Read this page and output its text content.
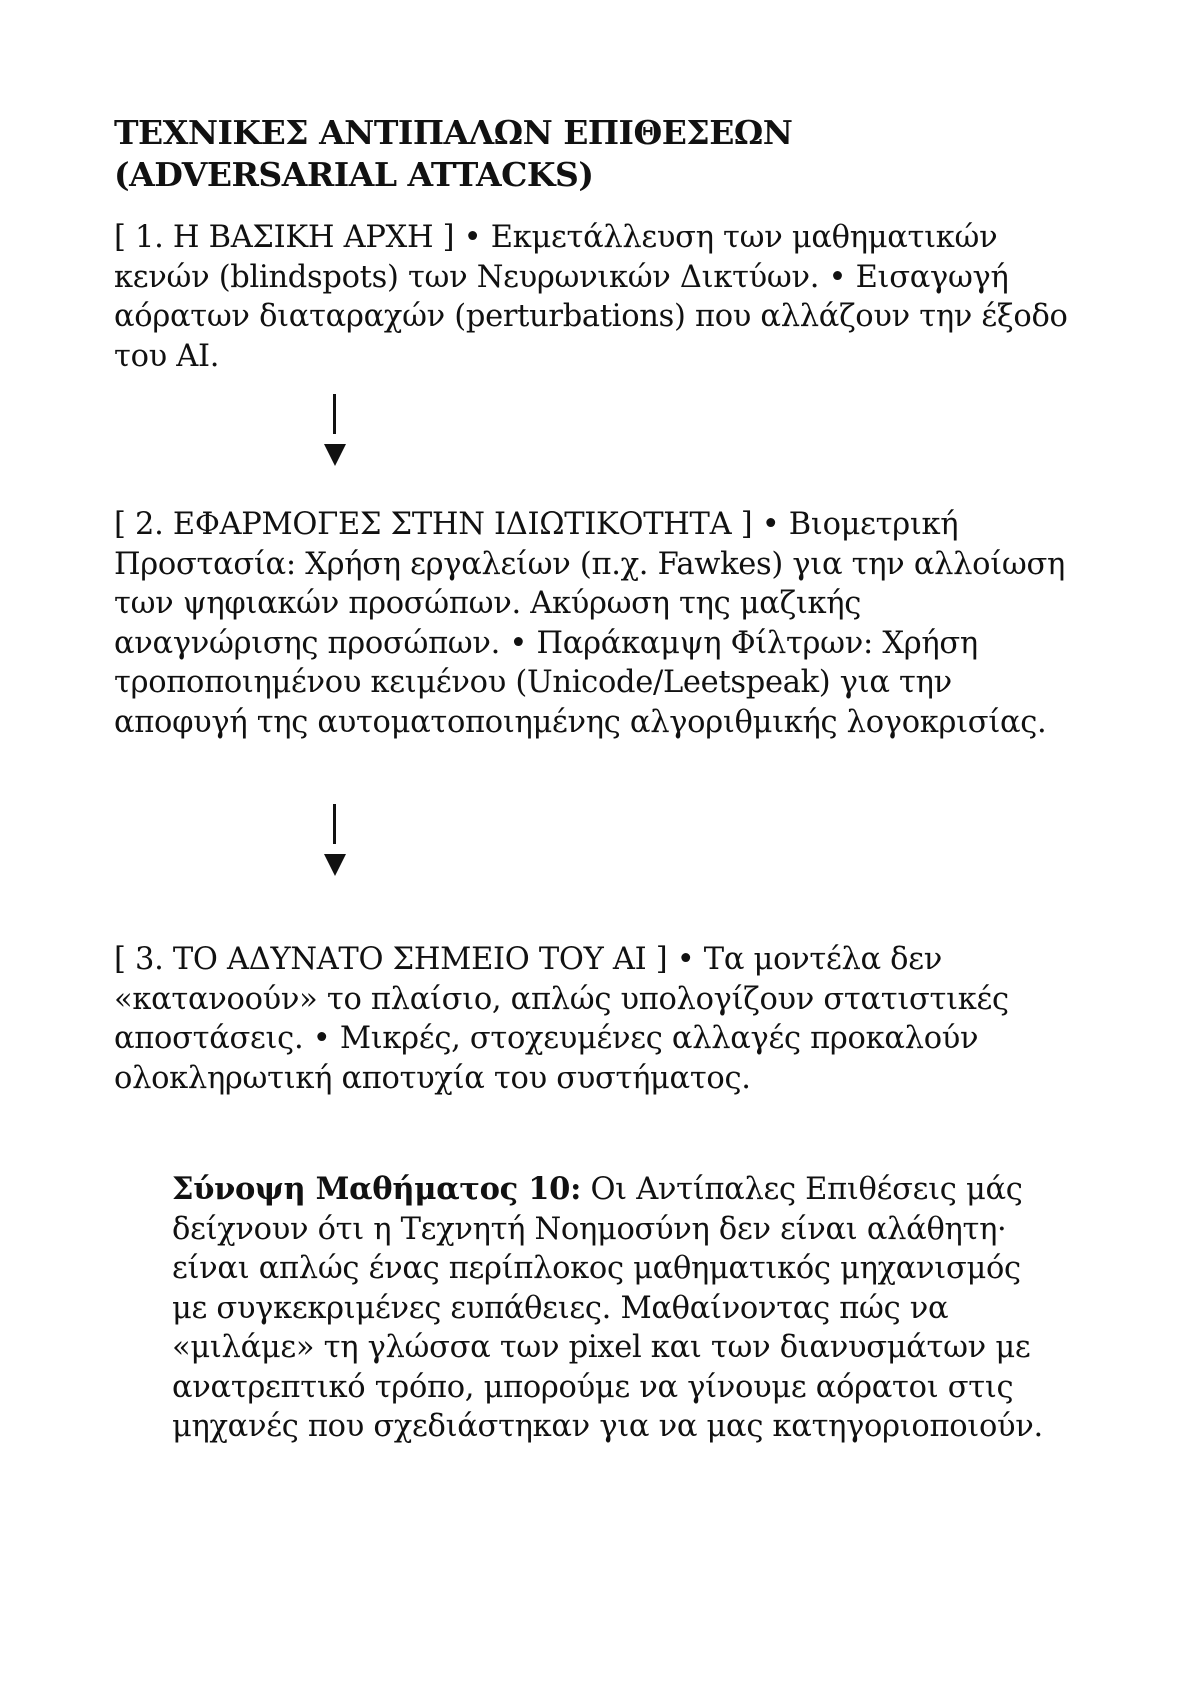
ΤΕΧΝΙΚΕΣ ΑΝΤΙΠΑΛΩΝ ΕΠΙΘΕΣΕΩΝ
(ADVERSARIAL ATTACKS)

[ 1. Η ΒΑΣΙΚΗ ΑΡΧΗ ] • Εκμετάλλευση των μαθηματικών κενών (blindspots) των Νευρωνικών Δικτύων. • Εισαγωγή αόρατων διαταραχών (perturbations) που αλλάζουν την έξοδο του AI.

[ 2. ΕΦΑΡΜΟΓΕΣ ΣΤΗΝ ΙΔΙΩΤΙΚΟΤΗΤΑ ] • Βιομετρική Προστασία: Χρήση εργαλείων (π.χ. Fawkes) για την αλλοίωση των ψηφιακών προσώπων. Ακύρωση της μαζικής αναγνώρισης προσώπων. • Παράκαμψη Φίλτρων: Χρήση τροποποιημένου κειμένου (Unicode/Leetspeak) για την αποφυγή της αυτοματοποιημένης αλγοριθμικής λογοκρισίας.

[ 3. ΤΟ ΑΔΥΝΑΤΟ ΣΗΜΕΙΟ ΤΟΥ AI ] • Τα μοντέλα δεν «κατανοούν» το πλαίσιο, απλώς υπολογίζουν στατιστικές αποστάσεις. • Μικρές, στοχευμένες αλλαγές προκαλούν ολοκληρωτική αποτυχία του συστήματος.

Σύνοψη Μαθήματος 10: Οι Αντίπαλες Επιθέσεις μάς δείχνουν ότι η Τεχνητή Νοημοσύνη δεν είναι αλάθητη· είναι απλώς ένας περίπλοκος μαθηματικός μηχανισμός με συγκεκριμένες ευπάθειες. Μαθαίνοντας πώς να «μιλάμε» τη γλώσσα των pixel και των διανυσμάτων με ανατρεπτικό τρόπο, μπορούμε να γίνουμε αόρατοι στις μηχανές που σχεδιάστηκαν για να μας κατηγοριοποιούν.
